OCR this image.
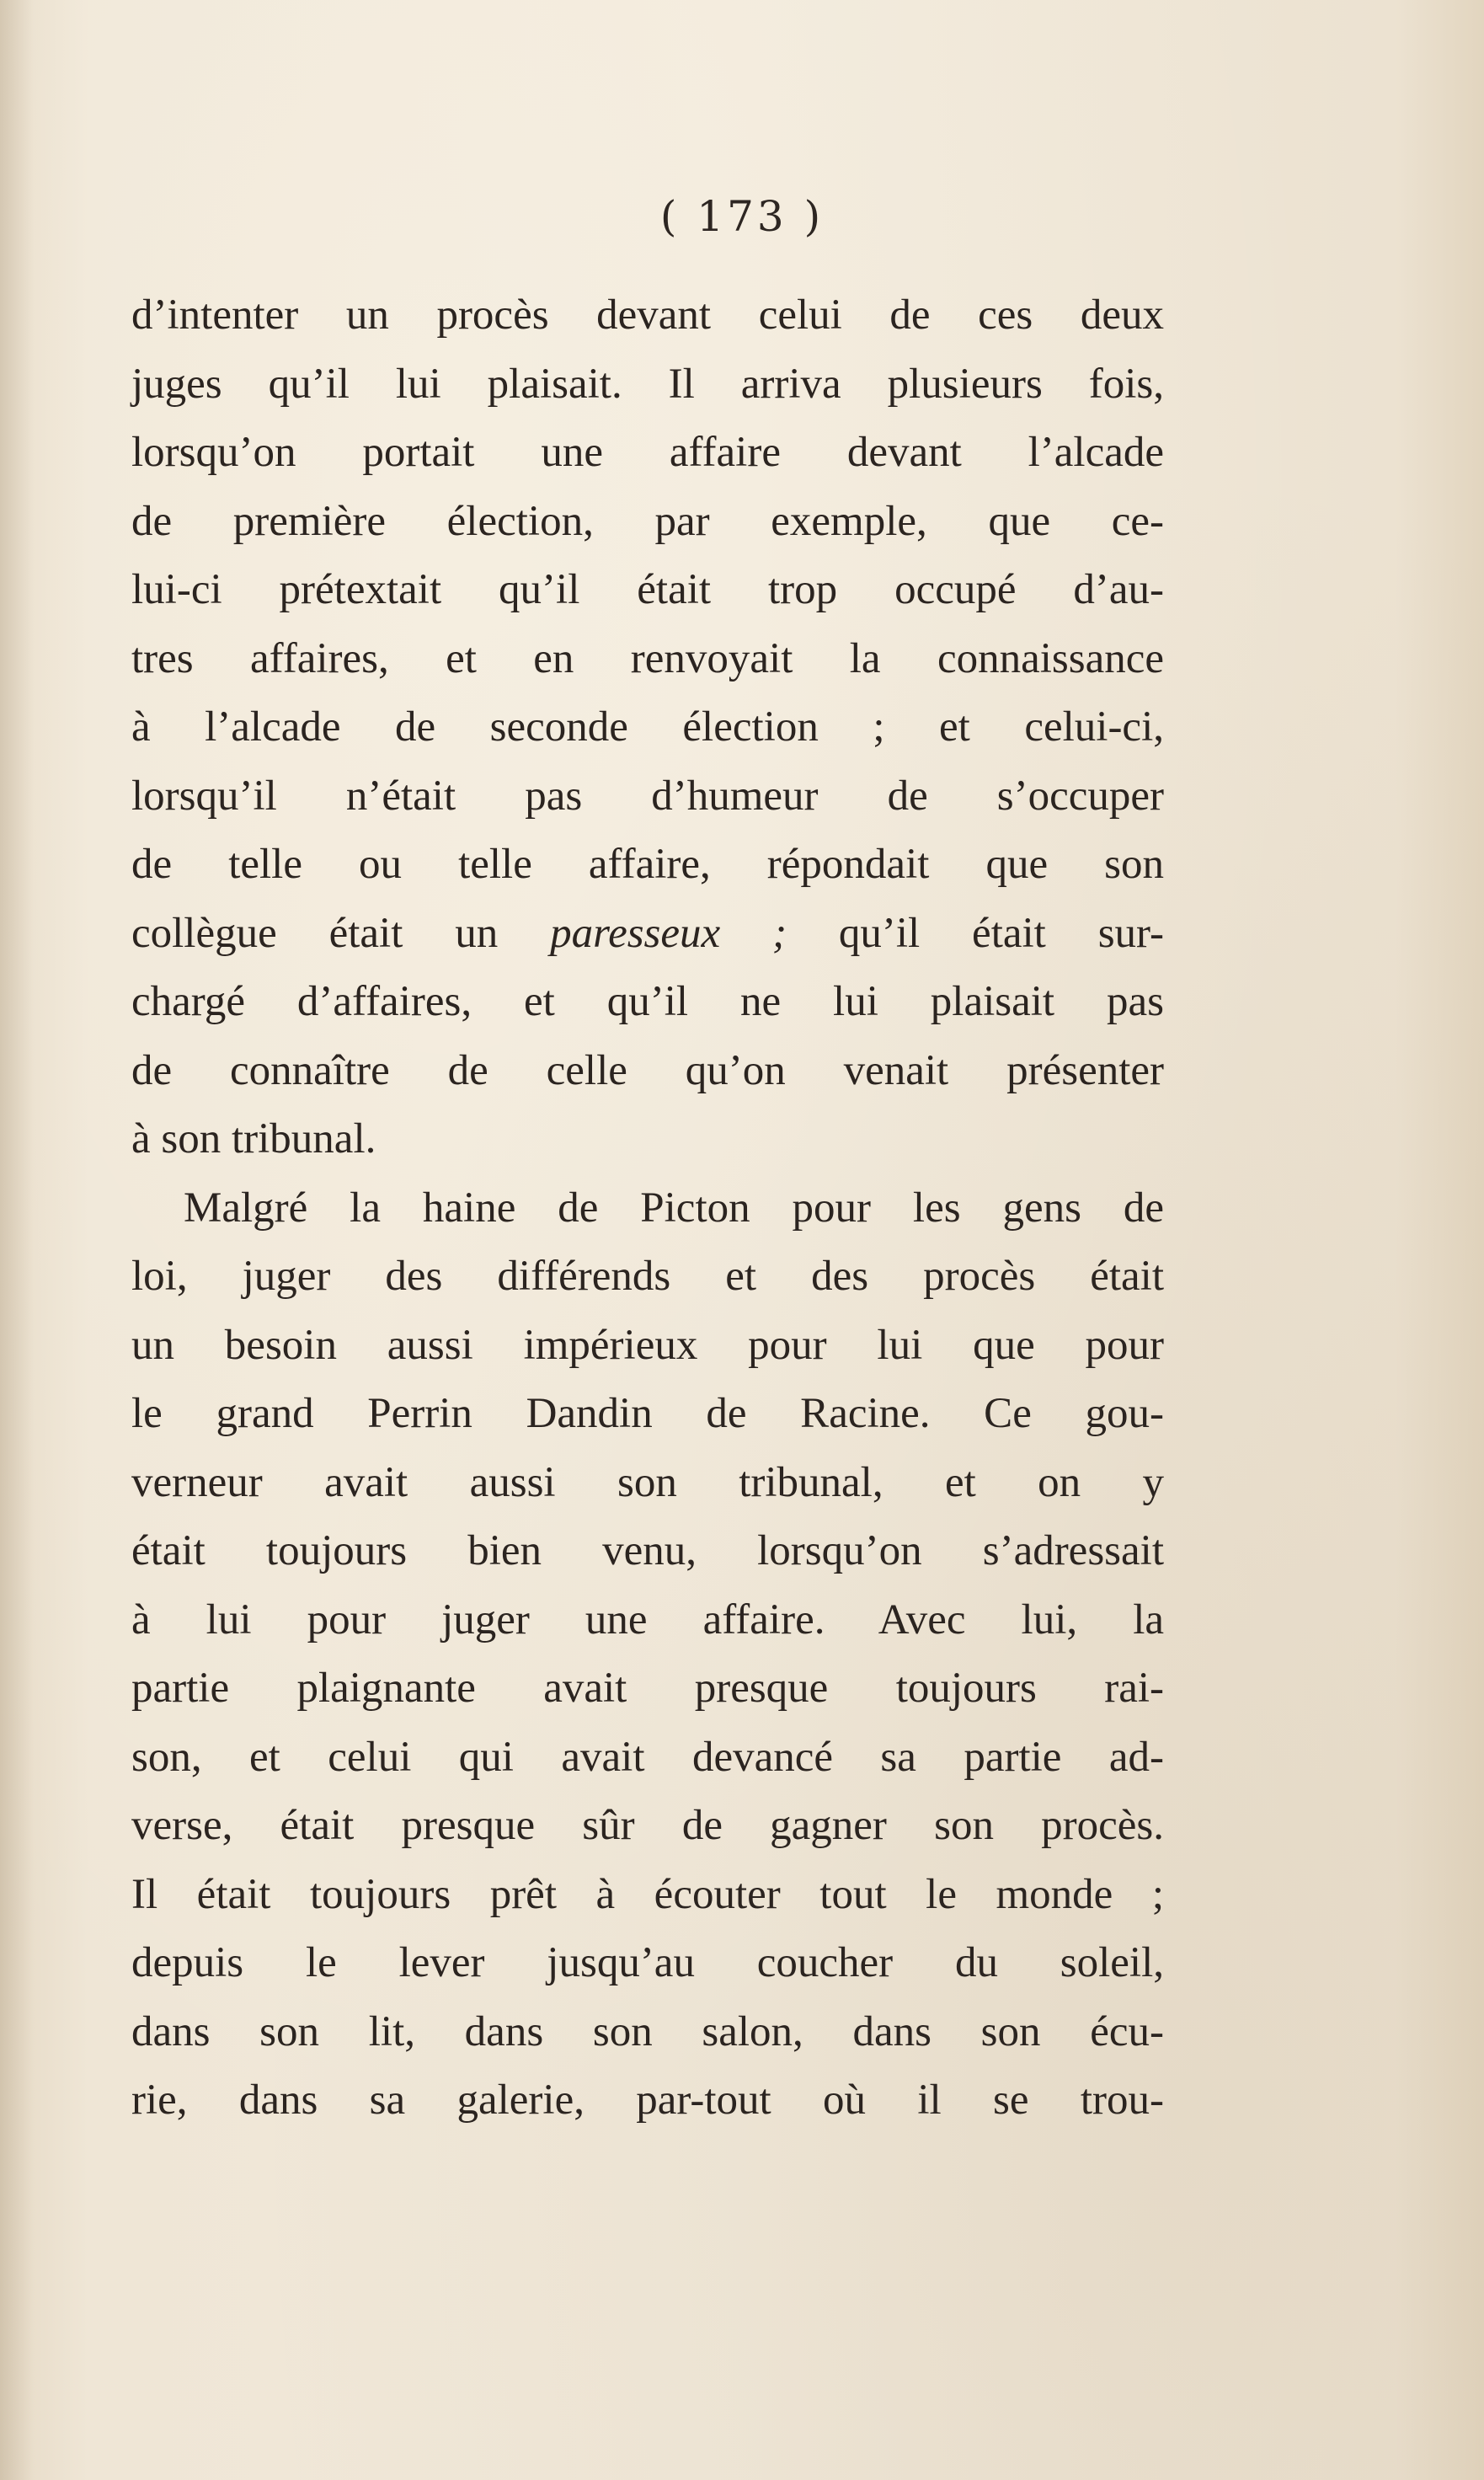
( 173 )
d’intenter un procès devant celui de ces deux
juges qu’il lui plaisait. Il arriva plusieurs fois,
lorsqu’on portait une affaire devant l’alcade
de première élection, par exemple, que ce-
lui-ci prétextait qu’il était trop occupé d’au-
tres affaires, et en renvoyait la connaissance
à l’alcade de seconde élection ; et celui-ci,
lorsqu’il n’était pas d’humeur de s’occuper
de telle ou telle affaire, répondait que son
collègue était un paresseux ; qu’il était sur-
chargé d’affaires, et qu’il ne lui plaisait pas
de connaître de celle qu’on venait présenter
à son tribunal.
Malgré la haine de Picton pour les gens de
loi, juger des différends et des procès était
un besoin aussi impérieux pour lui que pour
le grand Perrin Dandin de Racine. Ce gou-
verneur avait aussi son tribunal, et on y
était toujours bien venu, lorsqu’on s’adressait
à lui pour juger une affaire. Avec lui, la
partie plaignante avait presque toujours rai-
son, et celui qui avait devancé sa partie ad-
verse, était presque sûr de gagner son procès.
Il était toujours prêt à écouter tout le monde ;
depuis le lever jusqu’au coucher du soleil,
dans son lit, dans son salon, dans son écu-
rie, dans sa galerie, par-tout où il se trou-
